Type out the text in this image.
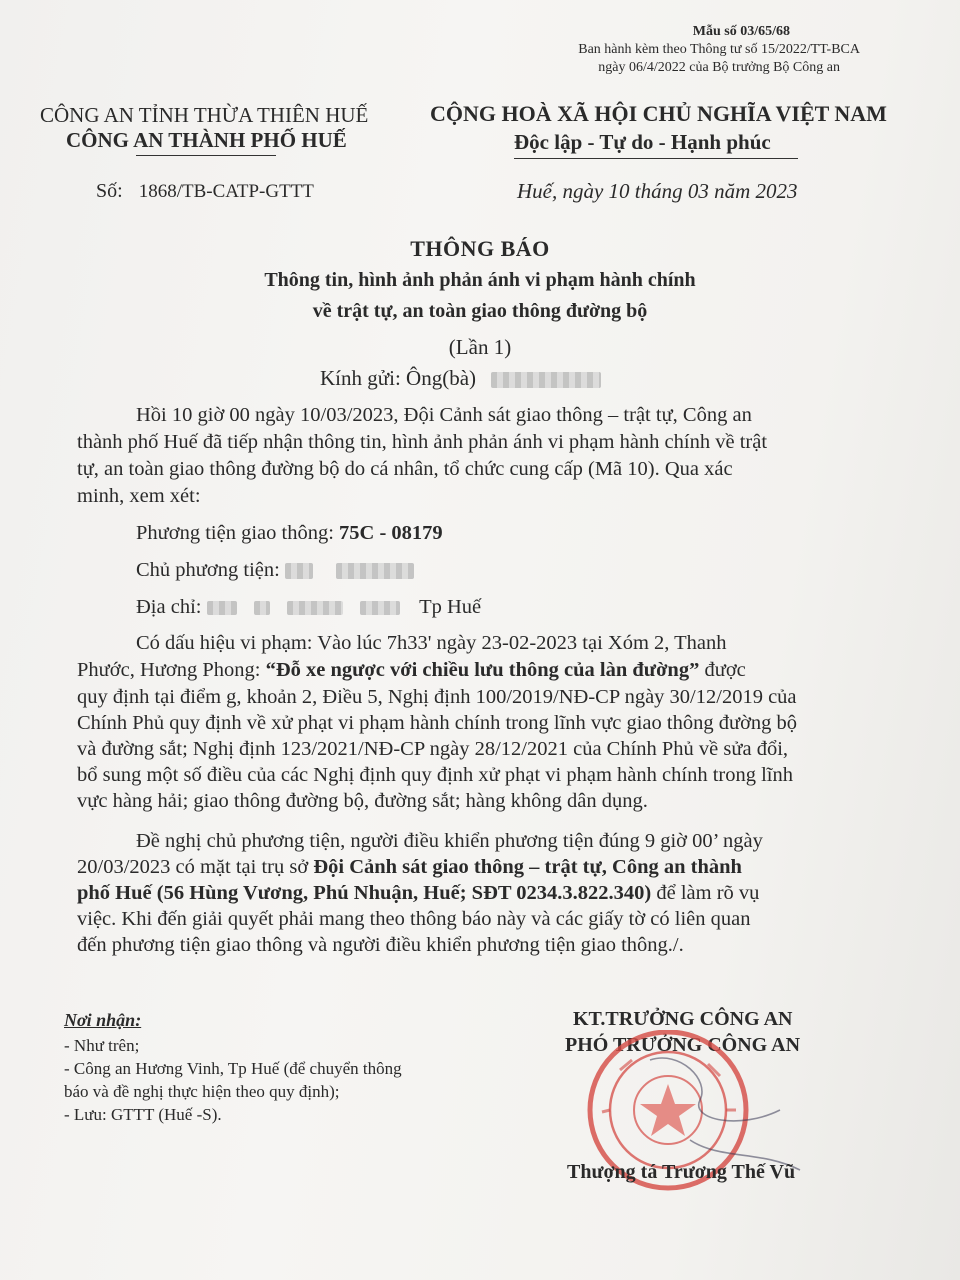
Mẫu số 03/65/68
Ban hành kèm theo Thông tư số 15/2022/TT-BCA
ngày 06/4/2022 của Bộ trưởng Bộ Công an
CÔNG AN TỈNH THỪA THIÊN HUẾ
CÔNG AN THÀNH PHỐ HUẾ
CỘNG HOÀ XÃ HỘI CHỦ NGHĨA VIỆT NAM
Độc lập - Tự do - Hạnh phúc
Số: 1868/TB-CATP-GTTT	Huế, ngày 10 tháng 03 năm 2023
THÔNG BÁO
Thông tin, hình ảnh phản ánh vi phạm hành chính
về trật tự, an toàn giao thông đường bộ
(Lần 1)
Kính gửi: Ông(bà)
Hồi 10 giờ 00 ngày 10/03/2023, Đội Cảnh sát giao thông – trật tự, Công an
thành phố Huế đã tiếp nhận thông tin, hình ảnh phản ánh vi phạm hành chính về trật
tự, an toàn giao thông đường bộ do cá nhân, tổ chức cung cấp (Mã 10). Qua xác
minh, xem xét:
Phương tiện giao thông: 75C - 08179
Chủ phương tiện:
Địa chỉ:	Tp Huế
Có dấu hiệu vi phạm: Vào lúc 7h33' ngày 23-02-2023 tại Xóm 2, Thanh
Phước, Hương Phong: “Đỗ xe ngược với chiều lưu thông của làn đường” được
quy định tại điểm g, khoản 2, Điều 5, Nghị định 100/2019/NĐ-CP ngày 30/12/2019 của
Chính Phủ quy định về xử phạt vi phạm hành chính trong lĩnh vực giao thông đường bộ
và đường sắt; Nghị định 123/2021/NĐ-CP ngày 28/12/2021 của Chính Phủ về sửa đổi,
bổ sung một số điều của các Nghị định quy định xử phạt vi phạm hành chính trong lĩnh
vực hàng hải; giao thông đường bộ, đường sắt; hàng không dân dụng.
Đề nghị chủ phương tiện, người điều khiển phương tiện đúng 9 giờ 00’ ngày
20/03/2023 có mặt tại trụ sở Đội Cảnh sát giao thông – trật tự, Công an thành
phố Huế (56 Hùng Vương, Phú Nhuận, Huế; SĐT 0234.3.822.340) để làm rõ vụ
việc. Khi đến giải quyết phải mang theo thông báo này và các giấy tờ có liên quan
đến phương tiện giao thông và người điều khiển phương tiện giao thông./.
Nơi nhận:
- Như trên;
- Công an Hương Vinh, Tp Huế (để chuyển thông
báo và đề nghị thực hiện theo quy định);
- Lưu: GTTT (Huế -S).
KT.TRƯỞNG CÔNG AN
PHÓ TRƯỞNG CÔNG AN
Thượng tá Trương Thế Vũ
